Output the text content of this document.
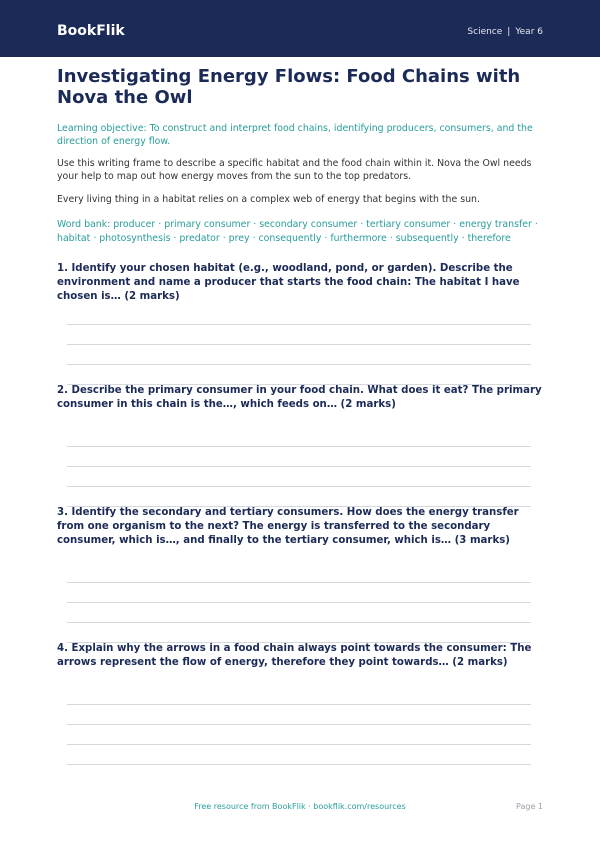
BookFlik	Science | Year 6
Investigating Energy Flows: Food Chains with Nova the Owl
Learning objective: To construct and interpret food chains, identifying producers, consumers, and the direction of energy flow.
Use this writing frame to describe a specific habitat and the food chain within it. Nova the Owl needs your help to map out how energy moves from the sun to the top predators.
Every living thing in a habitat relies on a complex web of energy that begins with the sun.
Word bank: producer · primary consumer · secondary consumer · tertiary consumer · energy transfer · habitat · photosynthesis · predator · prey · consequently · furthermore · subsequently · therefore
1. Identify your chosen habitat (e.g., woodland, pond, or garden). Describe the environment and name a producer that starts the food chain: The habitat I have chosen is… (2 marks)
2. Describe the primary consumer in your food chain. What does it eat? The primary consumer in this chain is the…, which feeds on… (2 marks)
3. Identify the secondary and tertiary consumers. How does the energy transfer from one organism to the next? The energy is transferred to the secondary consumer, which is…, and finally to the tertiary consumer, which is… (3 marks)
4. Explain why the arrows in a food chain always point towards the consumer: The arrows represent the flow of energy, therefore they point towards… (2 marks)
Free resource from BookFlik · bookflik.com/resources	Page 1
